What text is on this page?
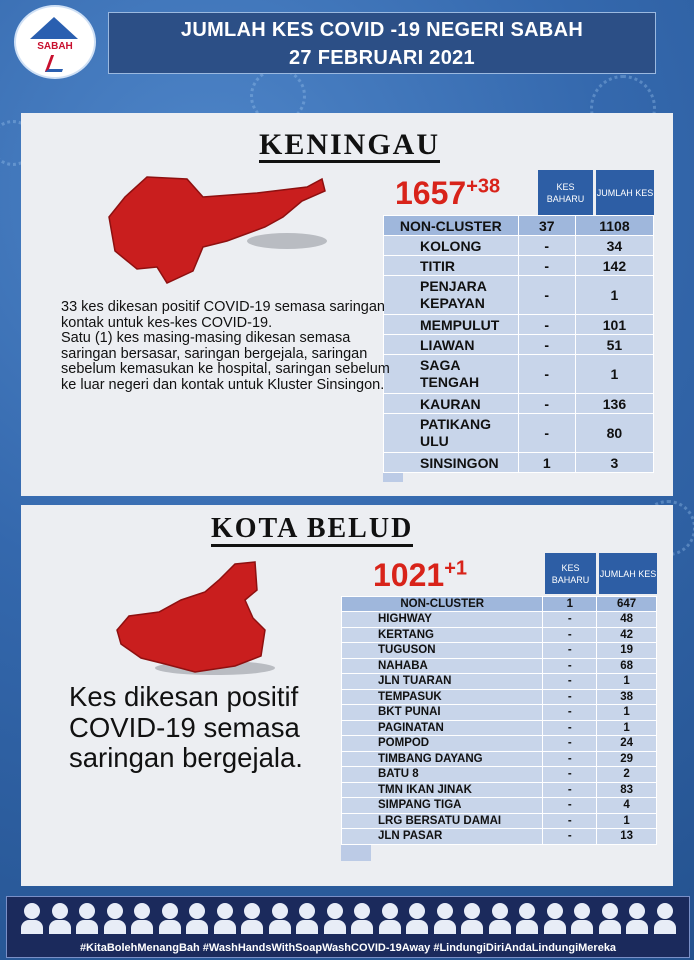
SABAH
JUMLAH KES COVID -19 NEGERI SABAH
27 FEBRUARI 2021
KENINGAU
$1657^{+38}$	KES BAHARU
JUMLAH KES
NON-CLUSTER	37	1108
KOLONG	-	34
TITIR	-	142
PENJARA KEPAYAN	-	1
MEMPULUT	-	101
LIAWAN	-	51
SAGA TENGAH	-	1
KAURAN	-	136
PATIKANG ULU	-	80
SINSINGON	1	3
33 kes dikesan positif COVID-19 semasa saringan kontak untuk kes-kes COVID-19.
Satu (1) kes masing-masing dikesan semasa saringan bersasar, saringan bergejala, saringan sebelum kemasukan ke hospital, saringan sebelum ke luar negeri dan kontak untuk Kluster Sinsingon.
KOTA BELUD
$1021^{+1}$	KES BAHARU
JUMLAH KES
NON-CLUSTER	1	647
HIGHWAY	-	48
KERTANG	-	42
TUGUSON	-	19
NAHABA	-	68
JLN TUARAN	-	1
TEMPASUK	-	38
BKT PUNAI	-	1
PAGINATAN	-	1
POMPOD	-	24
TIMBANG DAYANG	-	29
BATU 8	-	2
TMN IKAN JINAK	-	83
SIMPANG TIGA	-	4
LRG BERSATU DAMAI	-	1
JLN PASAR	-	13
Kes dikesan positif COVID-19 semasa saringan bergejala.
#KitaBolehMenangBah #WashHandsWithSoapWashCOVID-19Away #LindungiDiriAndaLindungiMereka
